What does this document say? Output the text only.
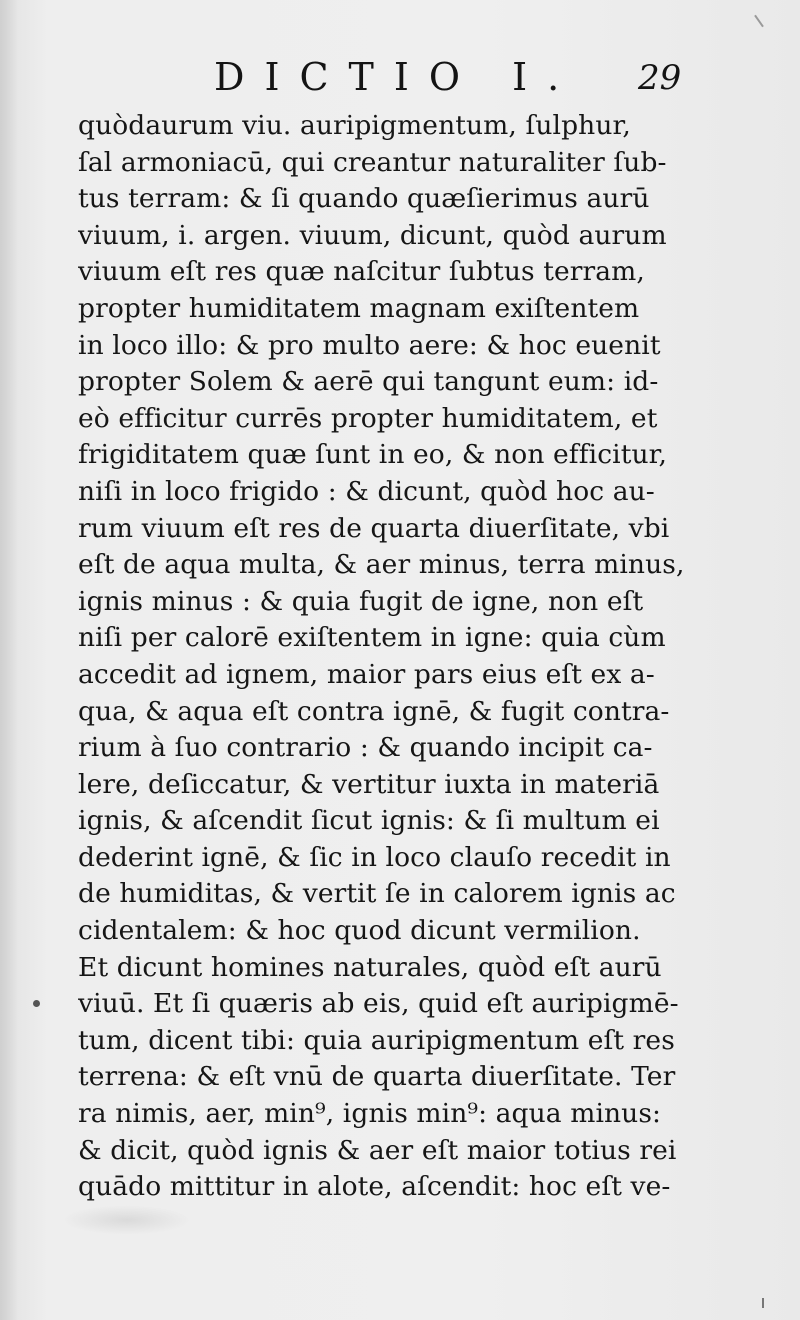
DICTIO I. 29
quòdaurum viu. auripigmentum, ſulphur,
ſal armoniacū, qui creantur naturaliter ſub-
tus terram: & ſi quando quæſierimus aurū
viuum, i. argen. viuum, dicunt, quòd aurum
viuum eſt res quæ naſcitur ſubtus terram,
propter humiditatem magnam exiſtentem
in loco illo: & pro multo aere: & hoc euenit
propter Solem & aerē qui tangunt eum: id-
eò efficitur currēs propter humiditatem, et
frigiditatem quæ ſunt in eo, & non efficitur,
niſi in loco frigido : & dicunt, quòd hoc au-
rum viuum eſt res de quarta diuerſitate, vbi
eſt de aqua multa, & aer minus, terra minus,
ignis minus : & quia fugit de igne, non eſt
niſi per calorē exiſtentem in igne: quia cùm
accedit ad ignem, maior pars eius eſt ex a-
qua, & aqua eſt contra ignē, & fugit contra-
rium à ſuo contrario : & quando incipit ca-
lere, deſiccatur, & vertitur iuxta in materiā
ignis, & aſcendit ſicut ignis: & ſi multum ei
dederint ignē, & ſic in loco clauſo recedit in
de humiditas, & vertit ſe in calorem ignis ac
cidentalem: & hoc quod dicunt vermilion.
Et dicunt homines naturales, quòd eſt aurū
viuū. Et ſi quæris ab eis, quid eſt auripigmē-
tum, dicent tibi: quia auripigmentum eſt res
terrena: & eſt vnū de quarta diuerſitate. Ter
ra nimis, aer, min⁹, ignis min⁹: aqua minus:
& dicit, quòd ignis & aer eſt maior totius rei
quādo mittitur in alote, aſcendit: hoc eſt ve-
